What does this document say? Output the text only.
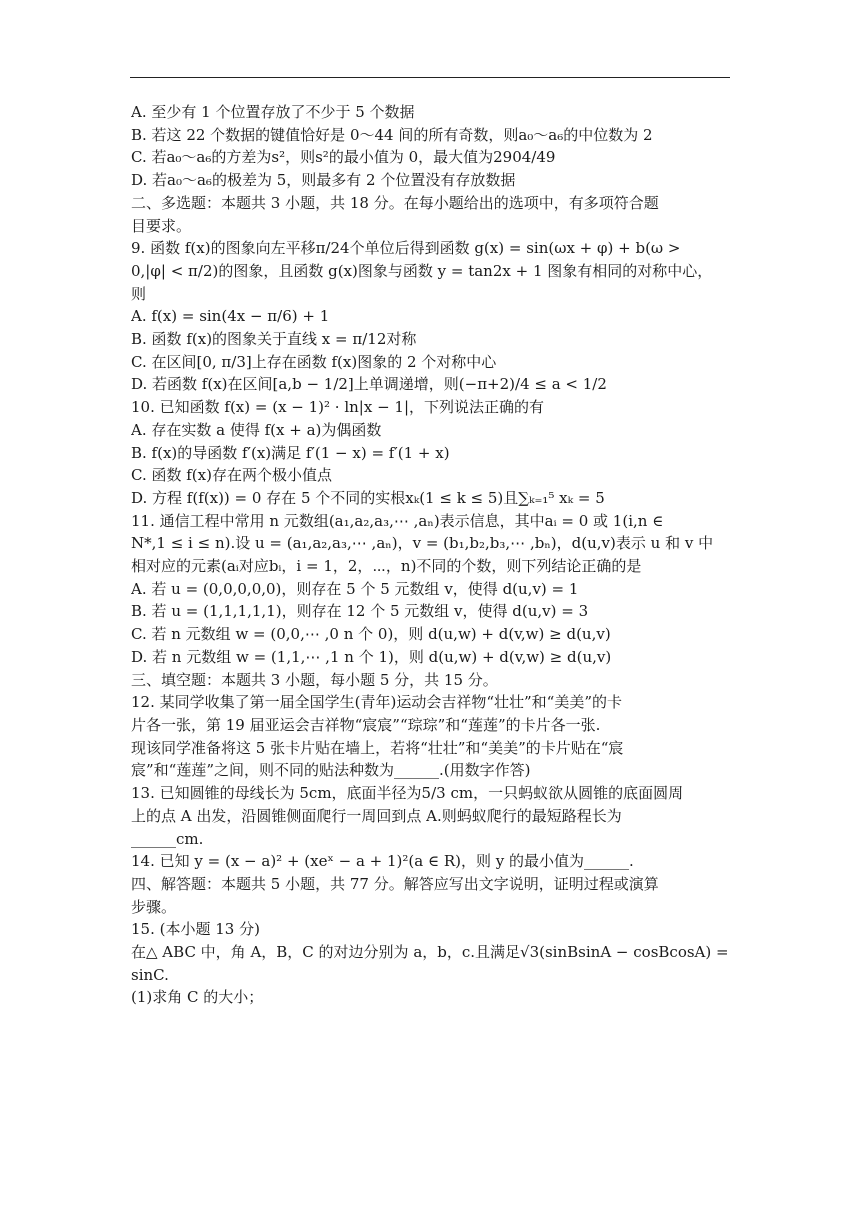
A. 至少有 1 个位置存放了不少于 5 个数据
B. 若这 22 个数据的键值恰好是 0～44 间的所有奇数，则a₀～a₆的中位数为 2
C. 若a₀～a₆的方差为s²，则s²的最小值为 0，最大值为2904/49
D. 若a₀～a₆的极差为 5，则最多有 2 个位置没有存放数据
二、多选题：本题共 3 小题，共 18 分。在每小题给出的选项中，有多项符合题
目要求。
9. 函数 f(x)的图象向左平移π/24个单位后得到函数 g(x) = sin(ωx + φ) + b(ω >
0,|φ| < π/2)的图象，且函数 g(x)图象与函数 y = tan2x + 1 图象有相同的对称中心，
则
A. f(x) = sin(4x − π/6) + 1
B. 函数 f(x)的图象关于直线 x = π/12对称
C. 在区间[0, π/3]上存在函数 f(x)图象的 2 个对称中心
D. 若函数 f(x)在区间[a,b − 1/2]上单调递增，则(−π+2)/4 ≤ a < 1/2
10. 已知函数 f(x) = (x − 1)² · ln|x − 1|，下列说法正确的有
A. 存在实数 a 使得 f(x + a)为偶函数
B. f(x)的导函数 f′(x)满足 f′(1 − x) = f′(1 + x)
C. 函数 f(x)存在两个极小值点
D. 方程 f(f(x)) = 0 存在 5 个不同的实根xₖ(1 ≤ k ≤ 5)且∑ₖ₌₁⁵ xₖ = 5
11. 通信工程中常用 n 元数组(a₁,a₂,a₃,⋯ ,aₙ)表示信息，其中aᵢ = 0 或 1(i,n ∈
N*,1 ≤ i ≤ n).设 u = (a₁,a₂,a₃,⋯ ,aₙ)，v = (b₁,b₂,b₃,⋯ ,bₙ)，d(u,v)表示 u 和 v 中
相对应的元素(aᵢ对应bᵢ，i = 1，2，⋯，n)不同的个数，则下列结论正确的是
A. 若 u = (0,0,0,0,0)，则存在 5 个 5 元数组 v，使得 d(u,v) = 1
B. 若 u = (1,1,1,1,1)，则存在 12 个 5 元数组 v，使得 d(u,v) = 3
C. 若 n 元数组 w = (0,0,⋯ ,0 n 个 0)，则 d(u,w) + d(v,w) ≥ d(u,v)
D. 若 n 元数组 w = (1,1,⋯ ,1 n 个 1)，则 d(u,w) + d(v,w) ≥ d(u,v)
三、填空题：本题共 3 小题，每小题 5 分，共 15 分。
12. 某同学收集了第一届全国学生(青年)运动会吉祥物“壮壮”和“美美”的卡
片各一张，第 19 届亚运会吉祥物“宸宸”“琮琮”和“莲莲”的卡片各一张.
现该同学准备将这 5 张卡片贴在墙上，若将“壮壮”和“美美”的卡片贴在“宸
宸”和“莲莲”之间，则不同的贴法种数为______.(用数字作答)
13. 已知圆锥的母线长为 5cm，底面半径为5/3 cm，一只蚂蚁欲从圆锥的底面圆周
上的点 A 出发，沿圆锥侧面爬行一周回到点 A.则蚂蚁爬行的最短路程长为
______cm.
14. 已知 y = (x − a)² + (xeˣ − a + 1)²(a ∈ R)，则 y 的最小值为______.
四、解答题：本题共 5 小题，共 77 分。解答应写出文字说明，证明过程或演算
步骤。
15. (本小题 13 分)
在△ ABC 中，角 A，B，C 的对边分别为 a，b，c.且满足√3(sinBsinA − cosBcosA) =
sinC.
(1)求角 C 的大小；
